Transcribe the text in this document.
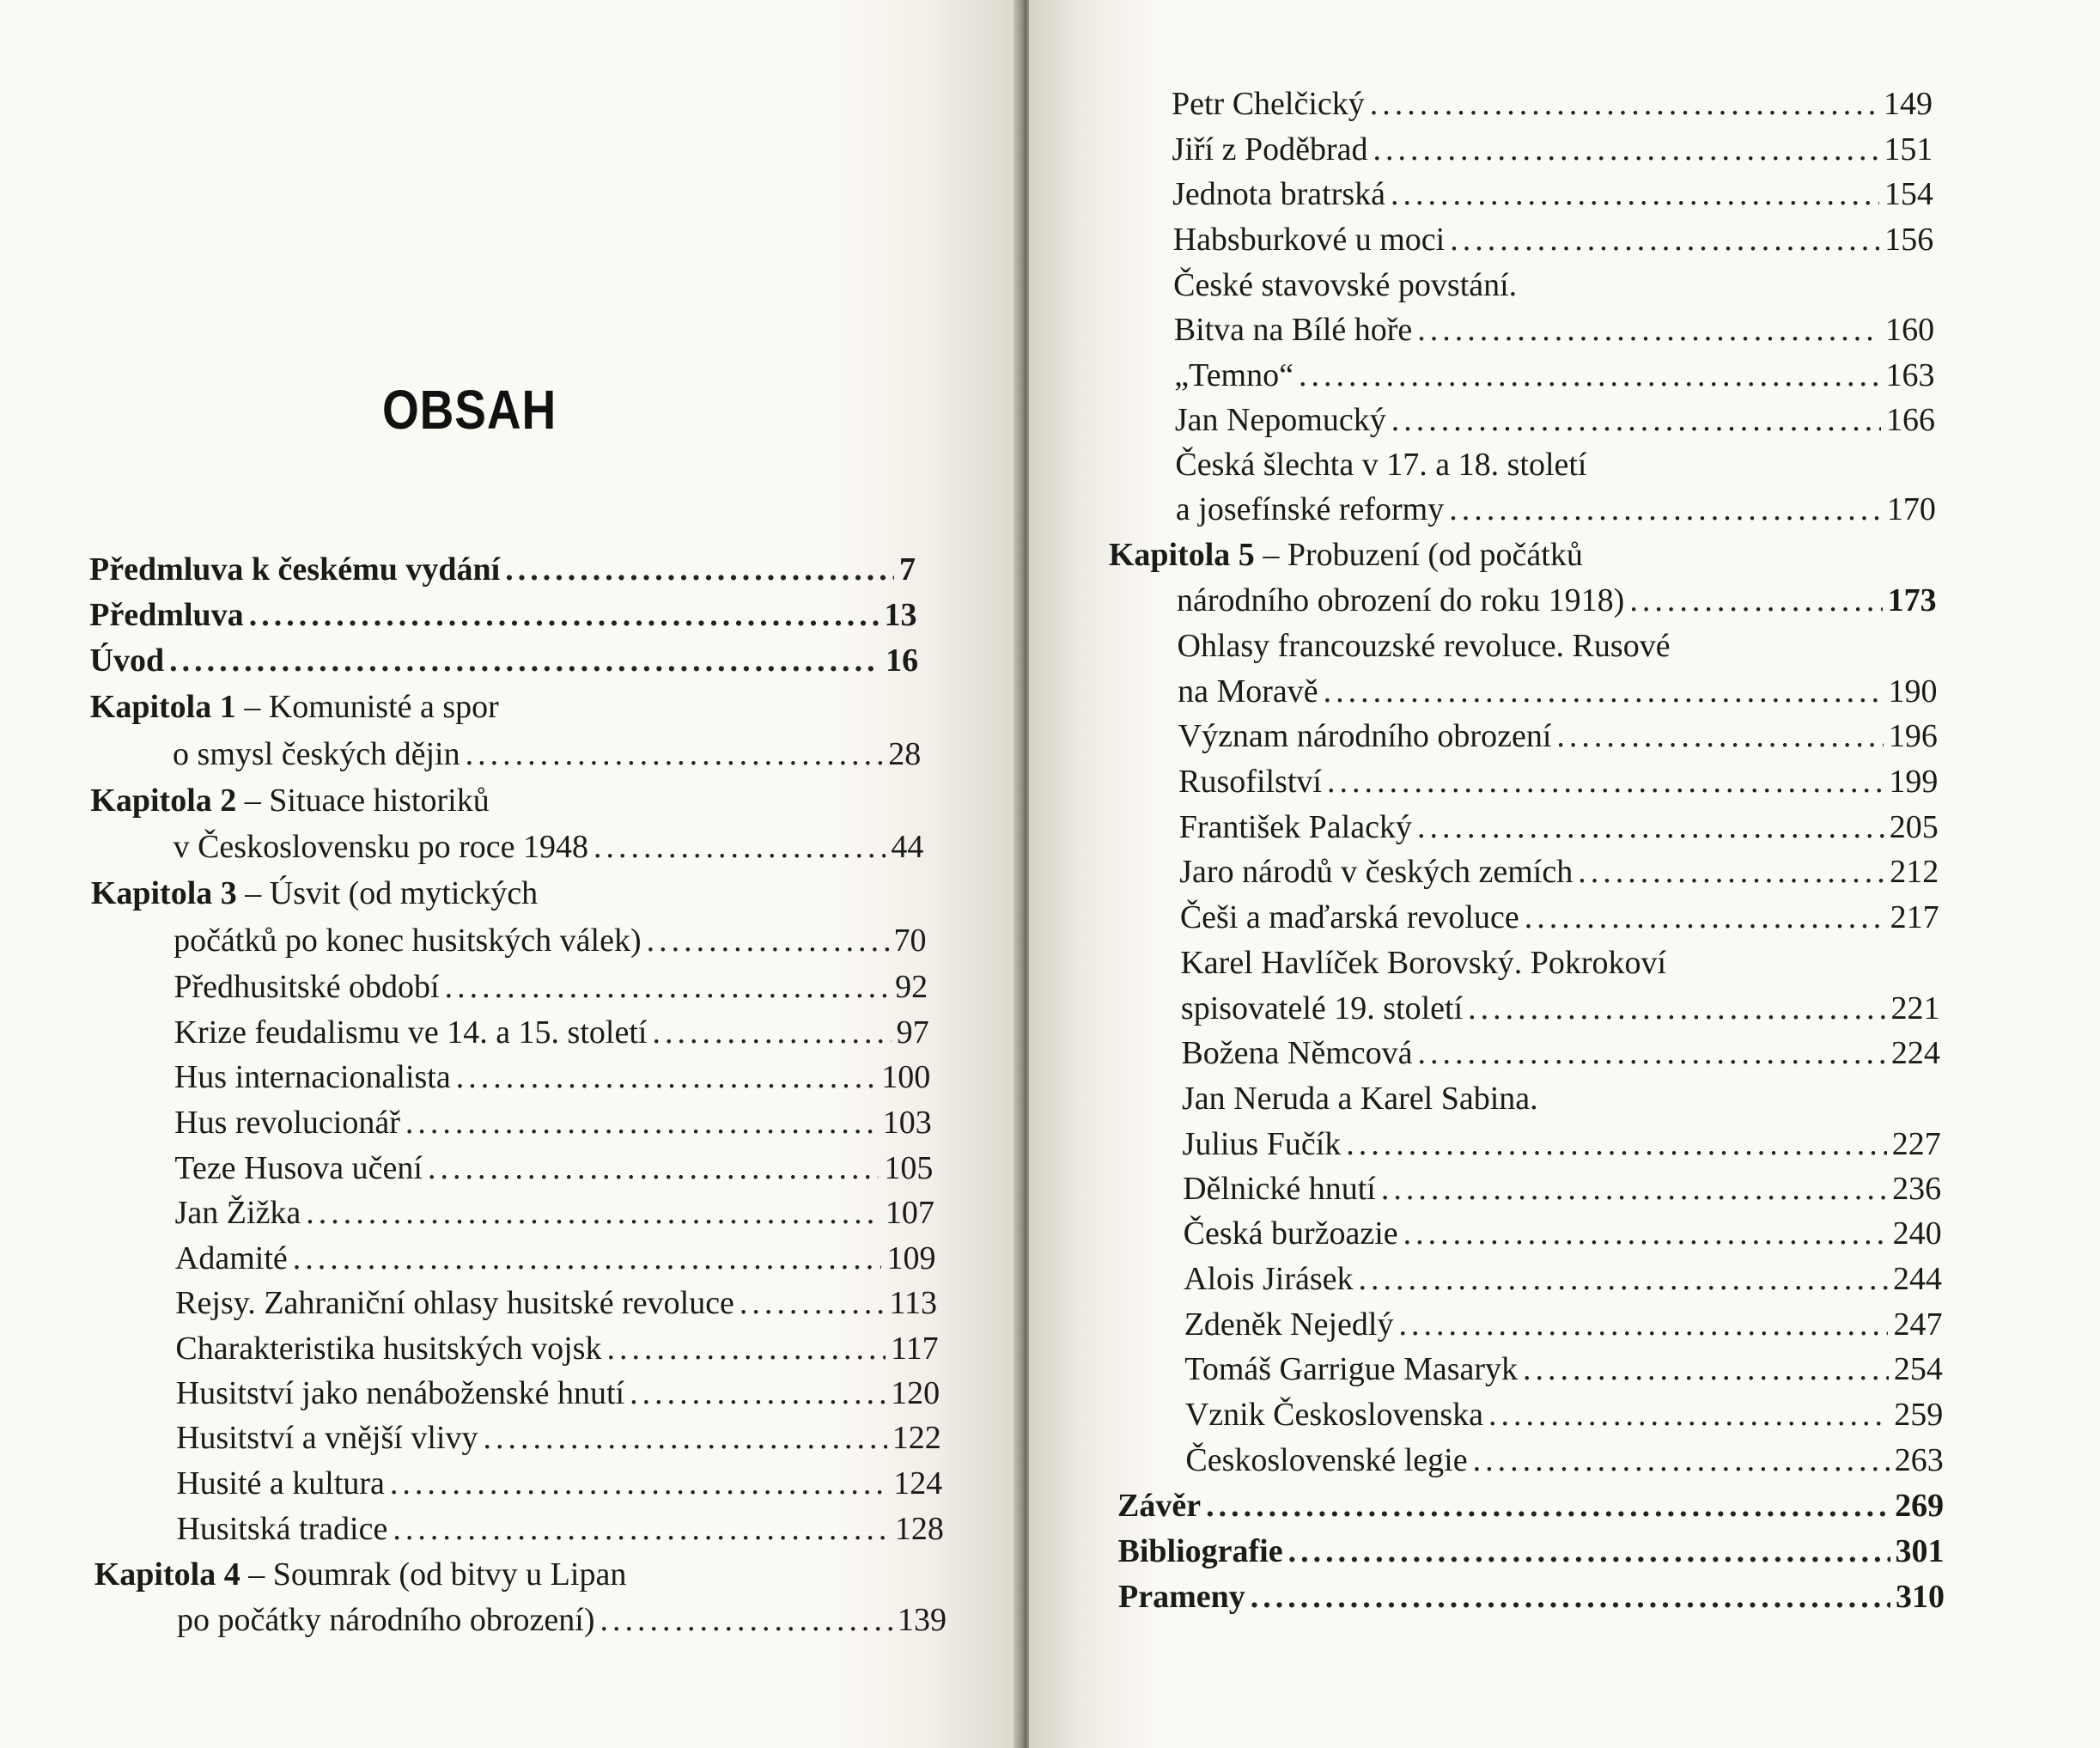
OBSAH
Předmluva k českému vydání .....	7
Předmluva .....	13
Úvod .....	16
Kapitola 1 – Komunisté a spor
o smysl českých dějin .....	28
Kapitola 2 – Situace historiků
v Československu po roce 1948 .....	44
Kapitola 3 – Úsvit (od mytických
počátků po konec husitských válek) .....	70
Předhusitské období .....	92
Krize feudalismu ve 14. a 15. století .....	97
Hus internacionalista .....	100
Hus revolucionář .....	103
Teze Husova učení .....	105
Jan Žižka .....	107
Adamité .....	109
Rejsy. Zahraniční ohlasy husitské revoluce .....	113
Charakteristika husitských vojsk .....	117
Husitství jako nenáboženské hnutí .....	120
Husitství a vnější vlivy .....	122
Husité a kultura .....	124
Husitská tradice .....	128
Kapitola 4 – Soumrak (od bitvy u Lipan
po počátky národního obrození) .....	139
Petr Chelčický .....	149
Jiří z Poděbrad .....	151
Jednota bratrská .....	154
Habsburkové u moci .....	156
České stavovské povstání.
Bitva na Bílé hoře .....	160
„Temno“ .....	163
Jan Nepomucký .....	166
Česká šlechta v 17. a 18. století
a josefínské reformy .....	170
Kapitola 5 – Probuzení (od počátků
národního obrození do roku 1918) .....	173
Ohlasy francouzské revoluce. Rusové
na Moravě .....	190
Význam národního obrození .....	196
Rusofilství .....	199
František Palacký .....	205
Jaro národů v českých zemích .....	212
Češi a maďarská revoluce .....	217
Karel Havlíček Borovský. Pokrokoví
spisovatelé 19. století .....	221
Božena Němcová .....	224
Jan Neruda a Karel Sabina.
Julius Fučík .....	227
Dělnické hnutí .....	236
Česká buržoazie .....	240
Alois Jirásek .....	244
Zdeněk Nejedlý .....	247
Tomáš Garrigue Masaryk .....	254
Vznik Československa .....	259
Československé legie .....	263
Závěr .....	269
Bibliografie .....	301
Prameny .....	310
